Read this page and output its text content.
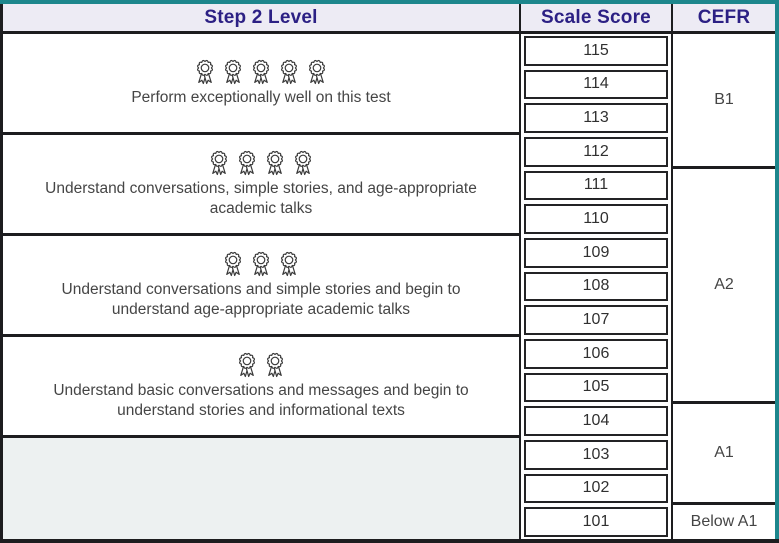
Step 2 Level	Scale Score	CEFR
Perform exceptionally well on this test
Understand conversations, simple stories, and age-appropriate academic talks
Understand conversations and simple stories and begin to understand age-appropriate academic talks
Understand basic conversations and messages and begin to understand stories and informational texts
115
114
113
112
111
110
109
108
107
106
105
104
103
102
101
B1
A2
A1
Below A1
